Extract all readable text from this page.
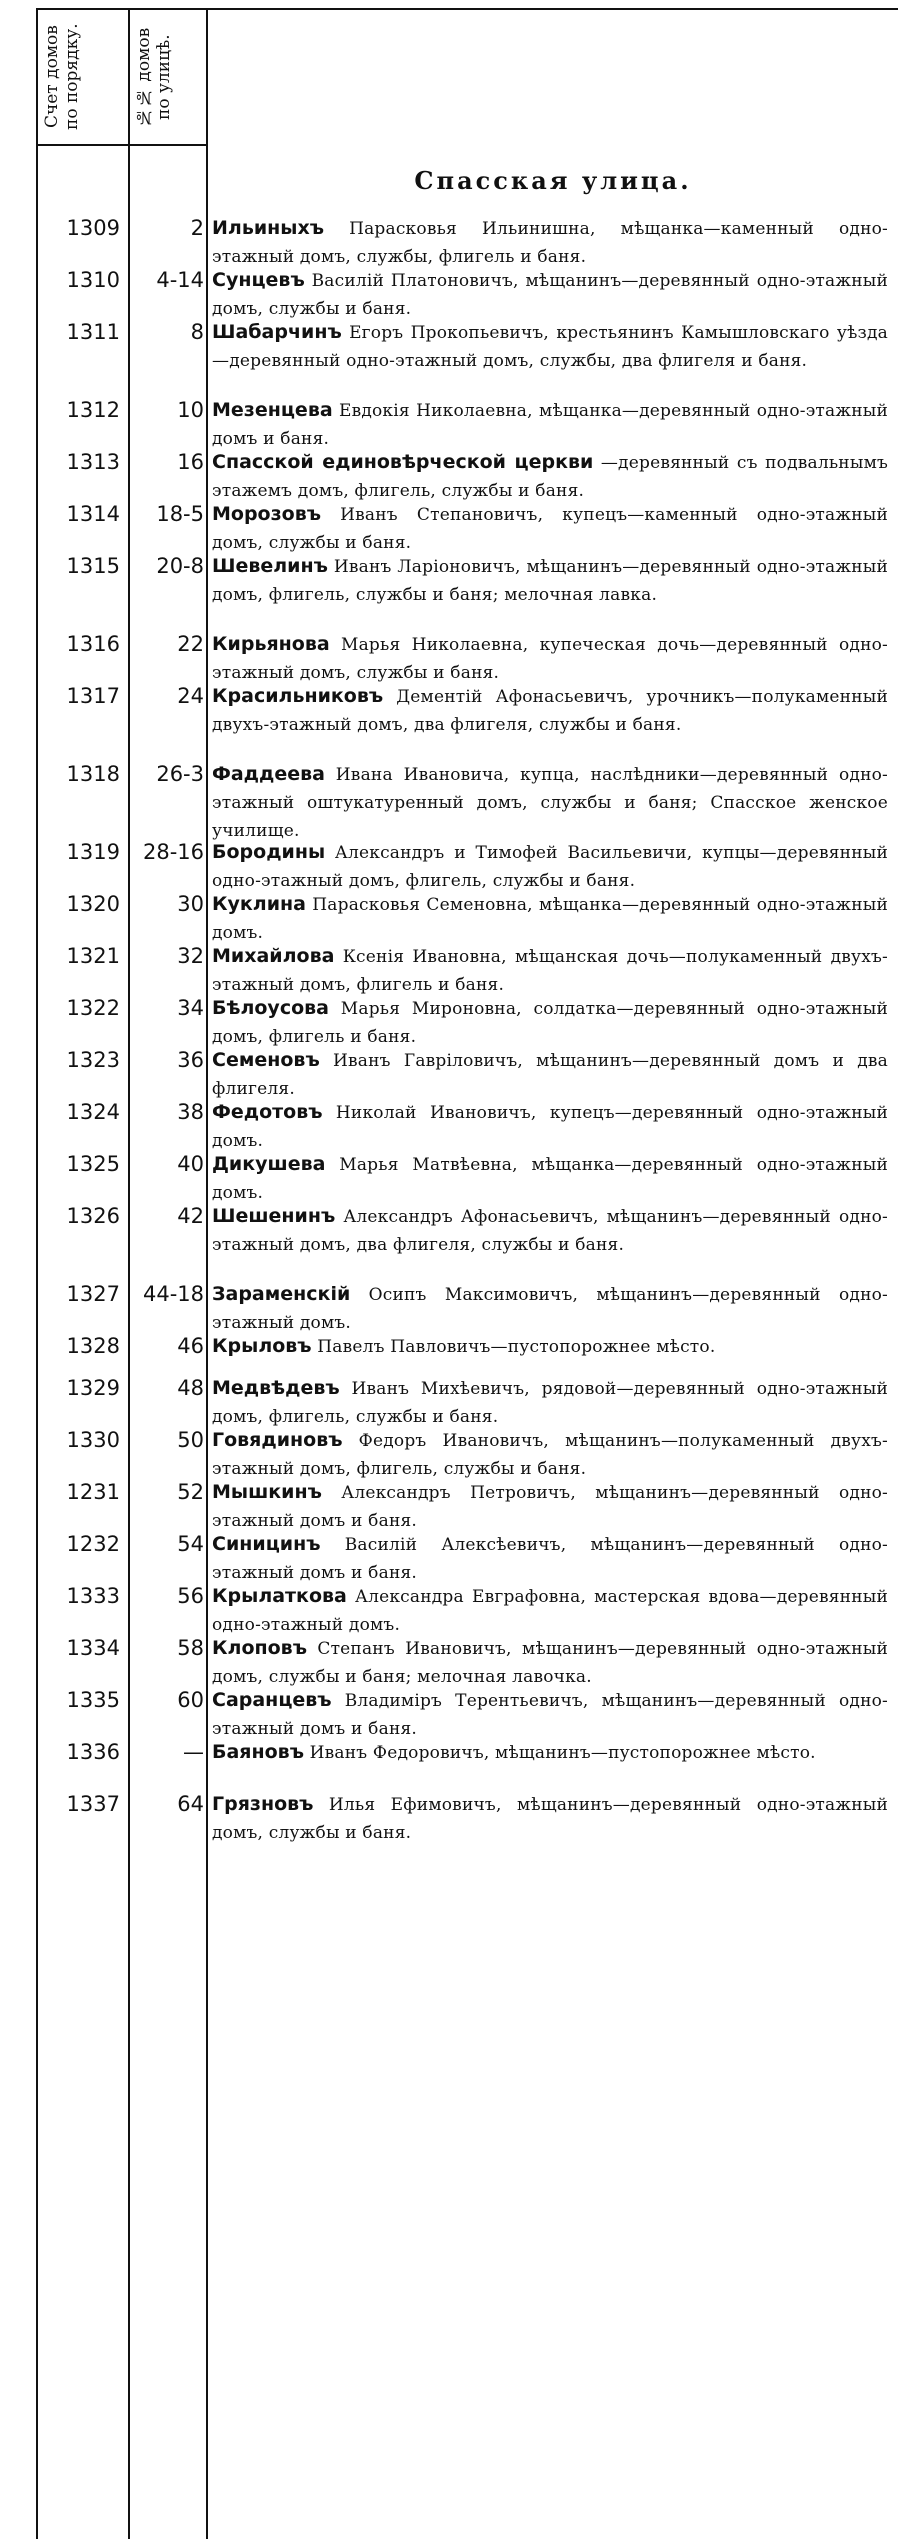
Счет домов
по порядку.
№№ домов
по улицѣ.
Спасская улица.
1309	2 Ильиныхъ Парасковья Ильинишна, мѣщанка—каменный одно-этажный домъ, службы, флигель и баня.
1310	4-14 Сунцевъ Василiй Платоновичъ, мѣщанинъ—деревянный одно-этажный домъ, службы и баня.
1311	8 Шабарчинъ Егоръ Прокопьевичъ, крестьянинъ Камышловскаго уѣзда—деревянный одно-этажный домъ, службы, два флигеля и баня.
1312	10 Мезенцева Евдокiя Николаевна, мѣщанка—деревянный одно-этажный домъ и баня.
1313	16 Спасской единовѣрческой церкви —деревянный съ подвальнымъ этажемъ домъ, флигель, службы и баня.
1314	18-5 Морозовъ Иванъ Степановичъ, купецъ—каменный одно-этажный домъ, службы и баня.
1315	20-8 Шевелинъ Иванъ Ларiоновичъ, мѣщанинъ—деревянный одно-этажный домъ, флигель, службы и баня; мелочная лавка.
1316	22 Кирьянова Марья Николаевна, купеческая дочь—деревянный одно-этажный домъ, службы и баня.
1317	24 Красильниковъ Дементiй Афонасьевичъ, урочникъ—полукаменный двухъ-этажный домъ, два флигеля, службы и баня.
1318	26-3 Фаддеева Ивана Ивановича, купца, наслѣдники—деревянный одно-этажный оштукатуренный домъ, службы и баня; Спасское женское училище.
1319	28-16 Бородины Александръ и Тимофей Васильевичи, купцы—деревянный одно-этажный домъ, флигель, службы и баня.
1320	30 Куклина Парасковья Семеновна, мѣщанка—деревянный одно-этажный домъ.
1321	32 Михайлова Ксенiя Ивановна, мѣщанская дочь—полукаменный двухъ-этажный домъ, флигель и баня.
1322	34 Бѣлоусова Марья Мироновна, солдатка—деревянный одно-этажный домъ, флигель и баня.
1323	36 Семеновъ Иванъ Гаврiловичъ, мѣщанинъ—деревянный домъ и два флигеля.
1324	38 Федотовъ Николай Ивановичъ, купецъ—деревянный одно-этажный домъ.
1325	40 Дикушева Марья Матвѣевна, мѣщанка—деревянный одно-этажный домъ.
1326	42 Шешенинъ Александръ Афонасьевичъ, мѣщанинъ—деревянный одно-этажный домъ, два флигеля, службы и баня.
1327	44-18 Зараменскiй Осипъ Максимовичъ, мѣщанинъ—деревянный одно-этажный домъ.
1328	46 Крыловъ Павелъ Павловичъ—пустопорожнее мѣсто.
1329	48 Медвѣдевъ Иванъ Михѣевичъ, рядовой—деревянный одно-этажный домъ, флигель, службы и баня.
1330	50 Говядиновъ Федоръ Ивановичъ, мѣщанинъ—полукаменный двухъ-этажный домъ, флигель, службы и баня.
1231	52 Мышкинъ Александръ Петровичъ, мѣщанинъ—деревянный одно-этажный домъ и баня.
1232	54 Синицинъ Василiй Алексѣевичъ, мѣщанинъ—деревянный одно-этажный домъ и баня.
1333	56 Крылаткова Александра Евграфовна, мастерская вдова—деревянный одно-этажный домъ.
1334	58 Клоповъ Степанъ Ивановичъ, мѣщанинъ—деревянный одно-этажный домъ, службы и баня; мелочная лавочка.
1335	60 Саранцевъ Владимiръ Терентьевичъ, мѣщанинъ—деревянный одно-этажный домъ и баня.
1336	— Баяновъ Иванъ Федоровичъ, мѣщанинъ—пустопорожнее мѣсто.
1337	64 Грязновъ Илья Ефимовичъ, мѣщанинъ—деревянный одно-этажный домъ, службы и баня.
